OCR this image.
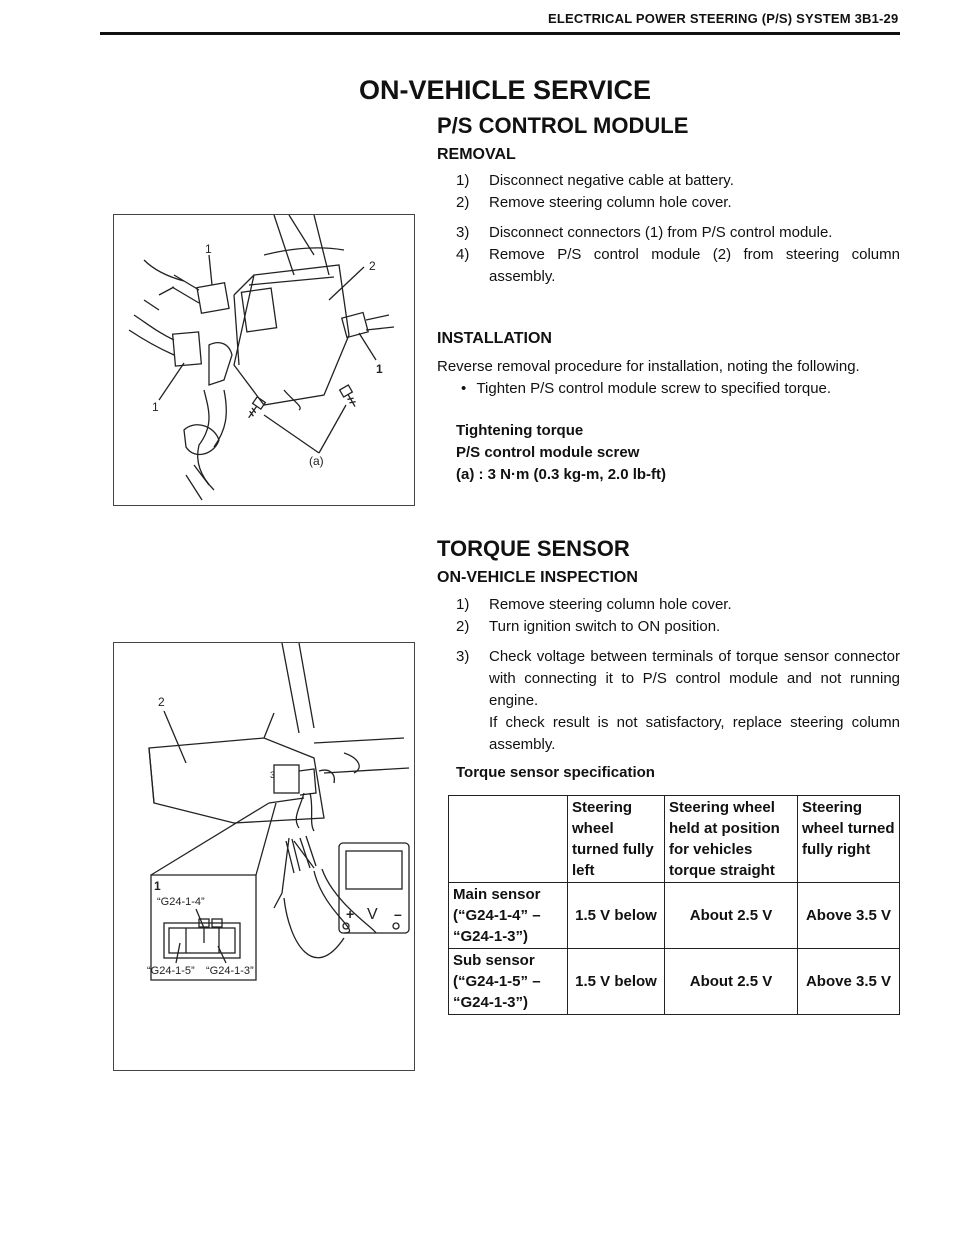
ELECTRICAL POWER STEERING (P/S) SYSTEM 3B1-29
ON-VEHICLE SERVICE
P/S CONTROL MODULE
REMOVAL
1) Disconnect negative cable at battery.
2) Remove steering column hole cover.
3) Disconnect connectors (1) from P/S control module.
4) Remove P/S control module (2) from steering column assembly.
1
2
1
1
(a)
INSTALLATION
Reverse removal procedure for installation, noting the following.
• Tighten P/S control module screw to specified torque.
Tightening torque
P/S control module screw
(a) : 3 N·m (0.3 kg-m, 2.0 lb-ft)
TORQUE SENSOR
ON-VEHICLE INSPECTION
1) Remove steering column hole cover.
2) Turn ignition switch to ON position.
3) Check voltage between terminals of torque sensor connector with connecting it to P/S control module and not running engine.
If check result is not satisfactory, replace steering column assembly.
Torque sensor specification
3
V
+	–
2
1
“G24-1-4”
“G24-1-5” “G24-1-3”
	Steering wheel turned fully left	Steering wheel held at position for vehicles torque straight	Steering wheel turned fully right
Main sensor (“G24-1-4” – “G24-1-3”)	1.5 V below	About 2.5 V	Above 3.5 V
Sub sensor (“G24-1-5” – “G24-1-3”)	1.5 V below	About 2.5 V	Above 3.5 V
